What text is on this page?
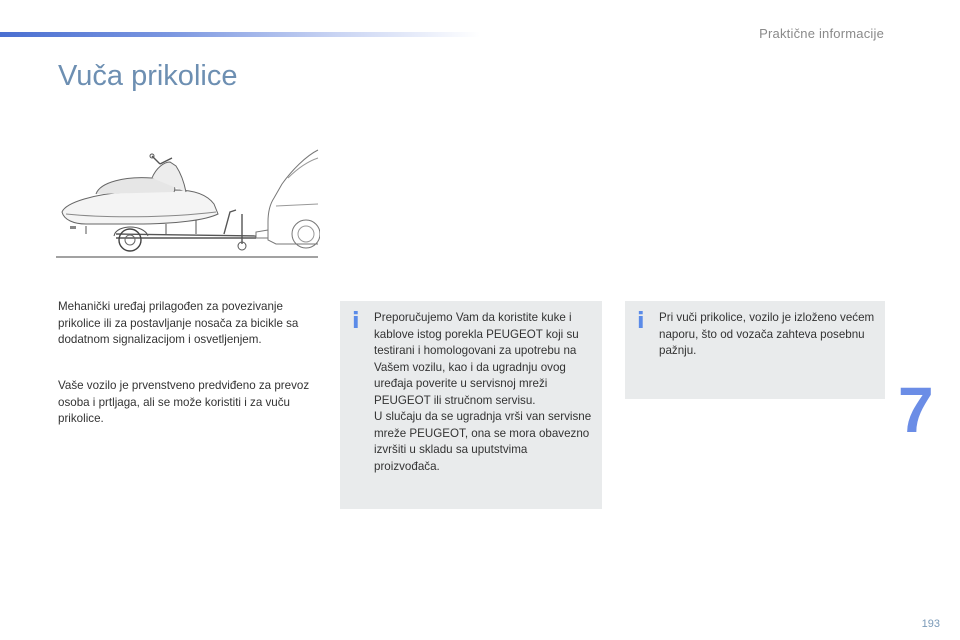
Praktične informacije
Vuča prikolice
Mehanički uređaj prilagođen za povezivanje prikolice ili za postavljanje nosača za bicikle sa dodatnom signalizacijom i osvetljenjem.
Vaše vozilo je prvenstveno predviđeno za prevoz osoba i prtljaga, ali se može koristiti i za vuču prikolice.
i Preporučujemo Vam da koristite kuke i kablove istog porekla PEUGEOT koji su testirani i homologovani za upotrebu na Vašem vozilu, kao i da ugradnju ovog uređaja poverite u servisnoj mreži PEUGEOT ili stručnom servisu.
U slučaju da se ugradnja vrši van servisne mreže PEUGEOT, ona se mora obavezno izvršiti u skladu sa uputstvima proizvođača.

i Pri vuči prikolice, vozilo je izloženo većem naporu, što od vozača zahteva posebnu pažnju.

7
193
